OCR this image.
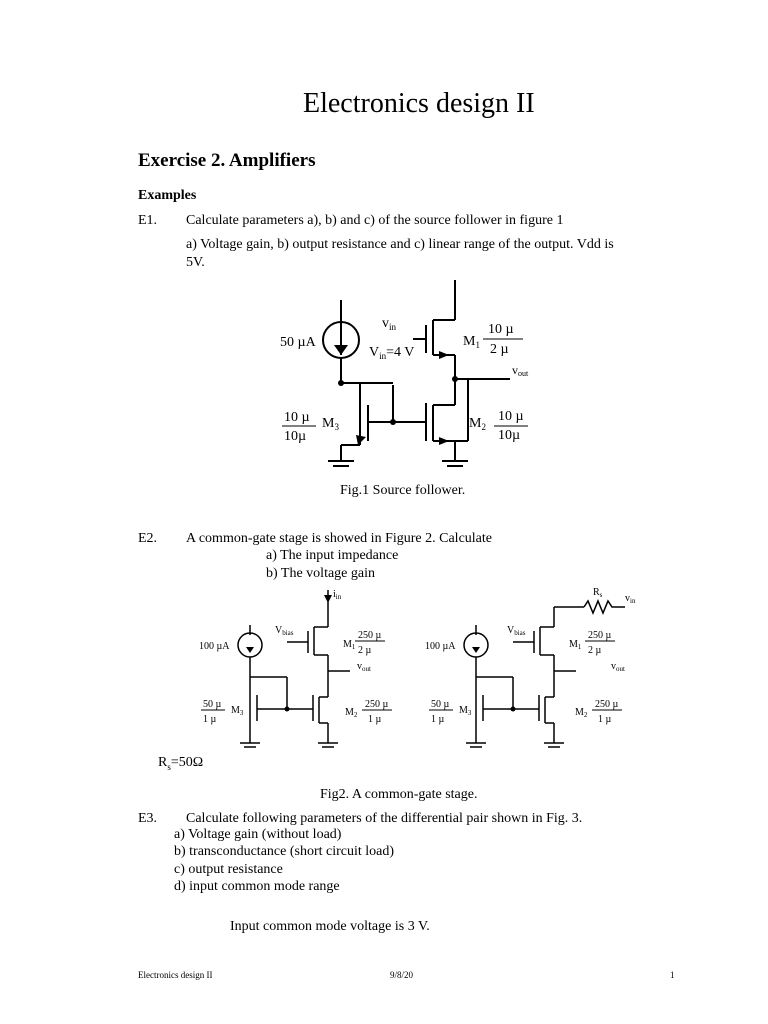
Electronics design II
Exercise 2. Amplifiers
Examples
E1. Calculate parameters a), b) and c) of the source follower in figure 1
a) Voltage gain, b) output resistance and c) linear range of the output. Vdd is
5V.
50 µA
$v_{in}$
$V_{in}=4$ V
$M_1$
10 µ
2 µ
vout
$M_3$
10 µ
10µ
$M_2$
10 µ
10µ
Fig.1 Source follower.
E2. A common-gate stage is showed in Figure 2. Calculate
a) The input impedance
b) The voltage gain
$i_{in}$
$V_{bias}$
100 µA	$M_1$
250 µ
2 µ
$v_{out}$
$M_3$
50 µ
1 µ
$M_2$
250 µ
1 µ
$R_s$ $v_{in}$
$V_{bias}$
100 µA	$M_1$
250 µ
2 µ
$v_{out}$
$M_3$
50 µ
1 µ
$M_2$
250 µ
1 µ
$R_s=50\Omega$
Fig2. A common-gate stage.
E3. Calculate following parameters of the differential pair shown in Fig. 3.
a) Voltage gain (without load)
b) transconductance (short circuit load)
c) output resistance
d) input common mode range
Input common mode voltage is 3 V.
Electronics design II	9/8/20	1
